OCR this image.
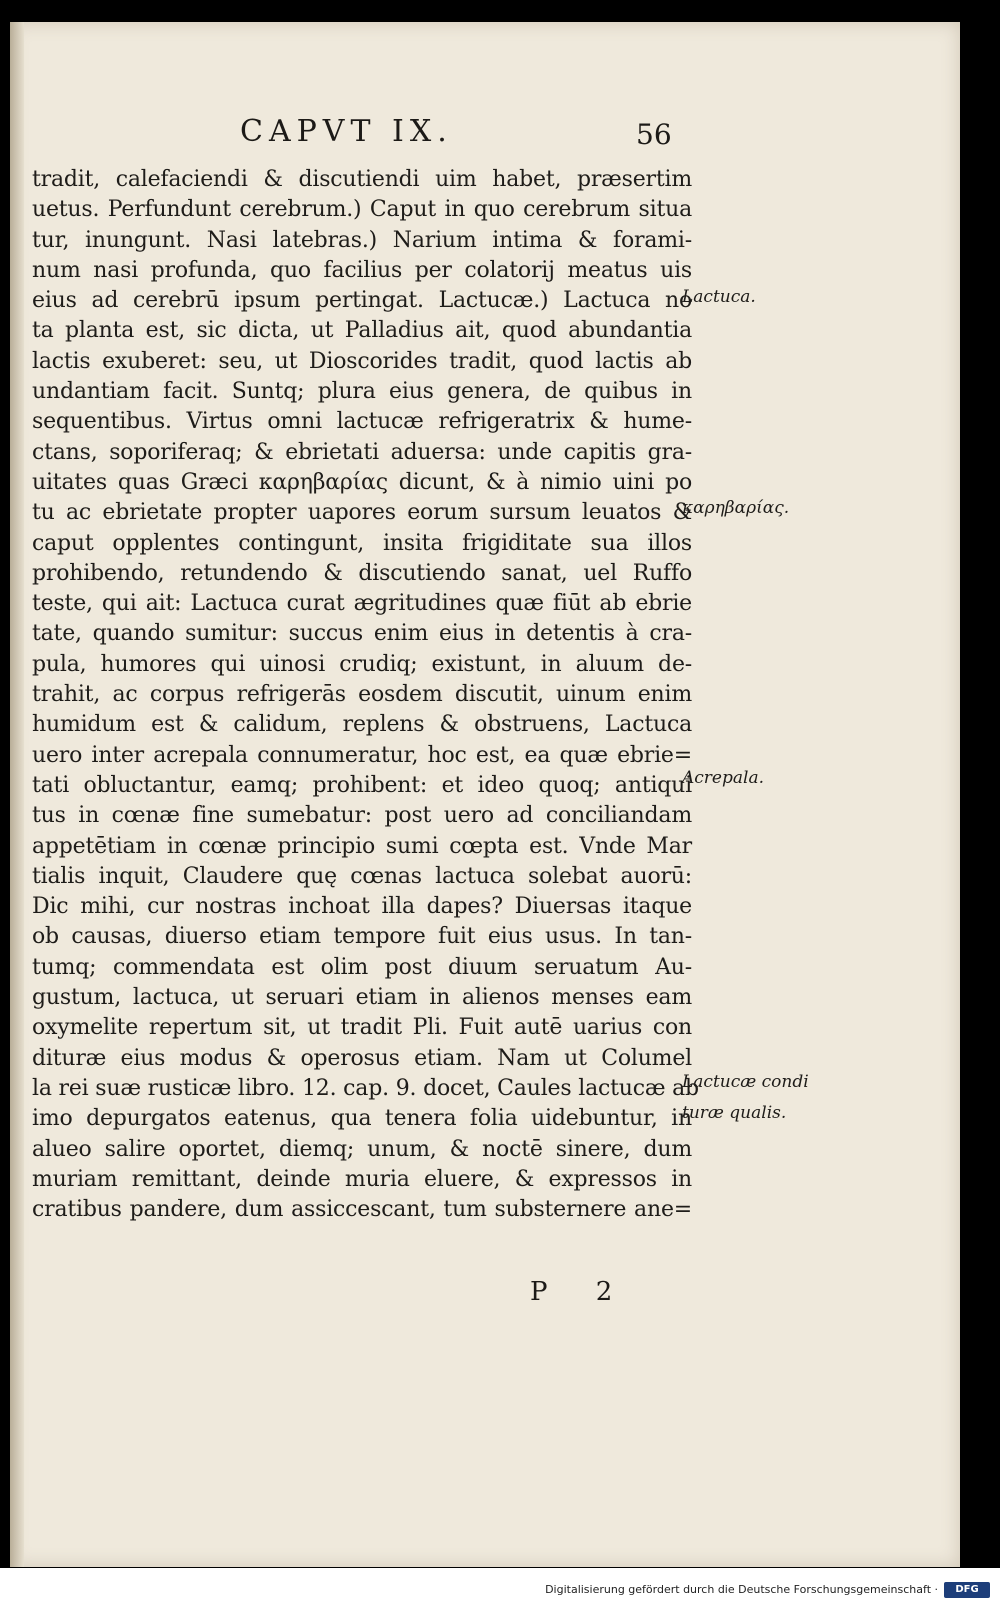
CAPVT IX.	56
tradit, calefaciendi & discutiendi uim habet, præsertim
uetus. Perfundunt cerebrum.) Caput in quo cerebrum situa
tur, inungunt. Nasi latebras.) Narium intima & forami-
num nasi profunda, quo facilius per colatorij meatus uis
eius ad cerebrū ipsum pertingat. Lactucæ.) Lactuca no
ta planta est, sic dicta, ut Palladius ait, quod abundantia
lactis exuberet: seu, ut Dioscorides tradit, quod lactis ab
undantiam facit. Suntq; plura eius genera, de quibus in
sequentibus. Virtus omni lactucæ refrigeratrix & hume-
ctans, soporiferaq; & ebrietati aduersa: unde capitis gra-
uitates quas Græci καρηβαρίας dicunt, & à nimio uini po
tu ac ebrietate propter uapores eorum sursum leuatos &
caput opplentes contingunt, insita frigiditate sua illos
prohibendo, retundendo & discutiendo sanat, uel Ruffo
teste, qui ait: Lactuca curat ægritudines quæ fiūt ab ebrie
tate, quando sumitur: succus enim eius in detentis à cra-
pula, humores qui uinosi crudiq; existunt, in aluum de-
trahit, ac corpus refrigerās eosdem discutit, uinum enim
humidum est & calidum, replens & obstruens, Lactuca
uero inter acrepala connumeratur, hoc est, ea quæ ebrie=
tati obluctantur, eamq; prohibent: et ideo quoq; antiqui
tus in cœnæ fine sumebatur: post uero ad conciliandam
appetētiam in cœnæ principio sumi cœpta est. Vnde Mar
tialis inquit, Claudere quę cœnas lactuca solebat auorū:
Dic mihi, cur nostras inchoat illa dapes? Diuersas itaque
ob causas, diuerso etiam tempore fuit eius usus. In tan-
tumq; commendata est olim post diuum seruatum Au-
gustum, lactuca, ut seruari etiam in alienos menses eam
oxymelite repertum sit, ut tradit Pli. Fuit autē uarius con
dituræ eius modus & operosus etiam. Nam ut Columel
la rei suæ rusticæ libro. 12. cap. 9. docet, Caules lactucæ ab
imo depurgatos eatenus, qua tenera folia uidebuntur, in
alueo salire oportet, diemq; unum, & noctē sinere, dum
muriam remittant, deinde muria eluere, & expressos in
cratibus pandere, dum assiccescant, tum substernere ane=
Lactuca.
καρηβαρίας.
Acrepala.
Lactucæ condi
turæ qualis.
P 2
Digitalisierung gefördert durch die Deutsche Forschungsgemeinschaft ·	DFG
